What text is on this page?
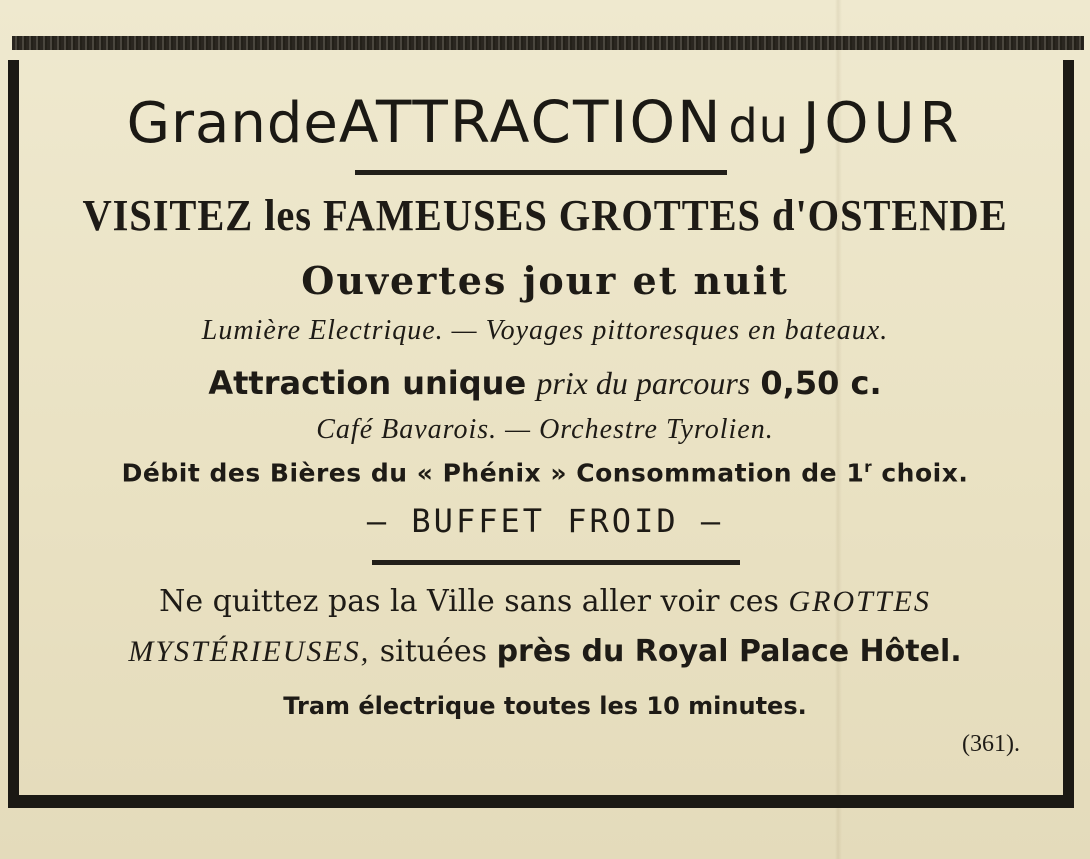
GrandeATTRACTION du JOUR
VISITEZ les FAMEUSES GROTTES d'OSTENDE
Ouvertes jour et nuit
Lumière Electrique. — Voyages pittoresques en bateaux.
Attraction unique prix du parcours 0,50 c.
Café Bavarois. — Orchestre Tyrolien.
Débit des Bières du « Phénix » Consommation de 1$^r$ choix.
— BUFFET FROID —
Ne quittez pas la Ville sans aller voir ces GROTTES
MYSTÉRIEUSES, situées près du Royal Palace Hôtel.
Tram électrique toutes les 10 minutes.
(361).
